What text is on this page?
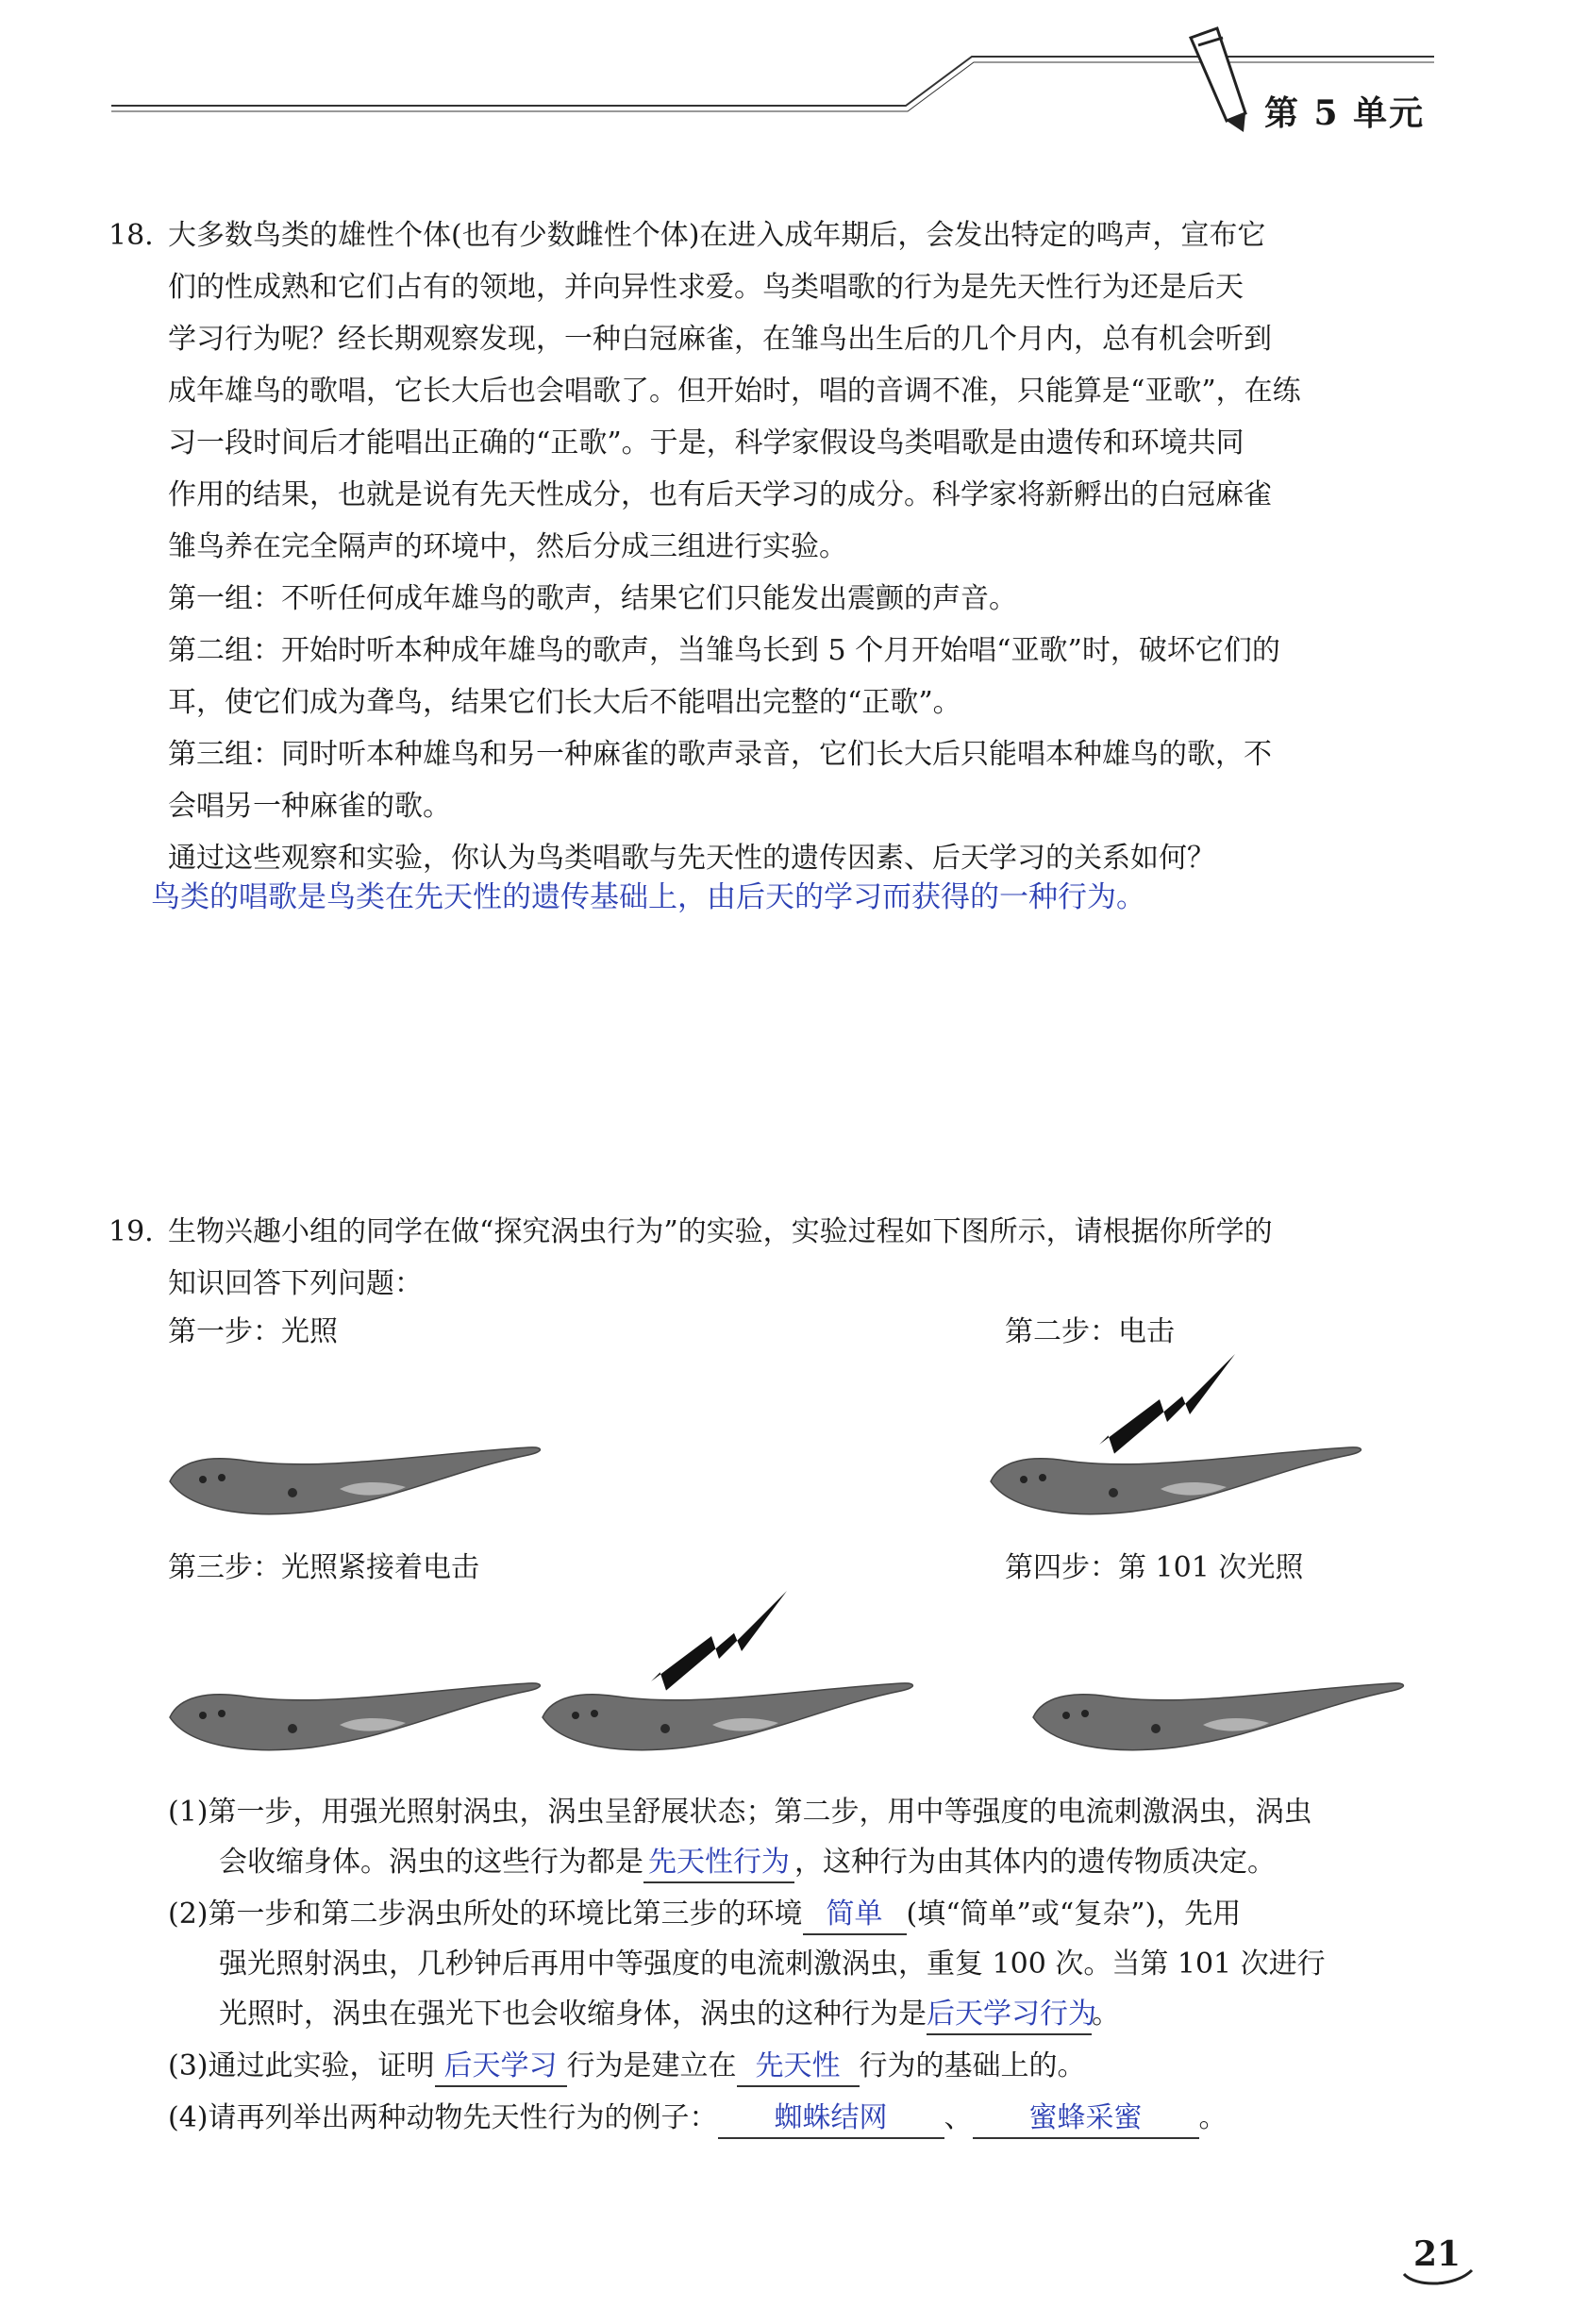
第 5 单元
18. 大多数鸟类的雄性个体(也有少数雌性个体)在进入成年期后，会发出特定的鸣声，宣布它
们的性成熟和它们占有的领地，并向异性求爱。鸟类唱歌的行为是先天性行为还是后天
学习行为呢？经长期观察发现，一种白冠麻雀，在雏鸟出生后的几个月内，总有机会听到
成年雄鸟的歌唱，它长大后也会唱歌了。但开始时，唱的音调不准，只能算是“亚歌”，在练
习一段时间后才能唱出正确的“正歌”。于是，科学家假设鸟类唱歌是由遗传和环境共同
作用的结果，也就是说有先天性成分，也有后天学习的成分。科学家将新孵出的白冠麻雀
雏鸟养在完全隔声的环境中，然后分成三组进行实验。
第一组：不听任何成年雄鸟的歌声，结果它们只能发出震颤的声音。
第二组：开始时听本种成年雄鸟的歌声，当雏鸟长到 5 个月开始唱“亚歌”时，破坏它们的
耳，使它们成为聋鸟，结果它们长大后不能唱出完整的“正歌”。
第三组：同时听本种雄鸟和另一种麻雀的歌声录音，它们长大后只能唱本种雄鸟的歌，不
会唱另一种麻雀的歌。
通过这些观察和实验，你认为鸟类唱歌与先天性的遗传因素、后天学习的关系如何？
鸟类的唱歌是鸟类在先天性的遗传基础上，由后天的学习而获得的一种行为。
19. 生物兴趣小组的同学在做“探究涡虫行为”的实验，实验过程如下图所示，请根据你所学的
知识回答下列问题：
第一步：光照	第二步：电击
第三步：光照紧接着电击	第四步：第 101 次光照
(1)第一步，用强光照射涡虫，涡虫呈舒展状态；第二步，用中等强度的电流刺激涡虫，涡虫
会收缩身体。涡虫的这些行为都是 先天性行为 ，这种行为由其体内的遗传物质决定。
(2)第一步和第二步涡虫所处的环境比第三步的环境 简单 (填“简单”或“复杂”)，先用
强光照射涡虫，几秒钟后再用中等强度的电流刺激涡虫，重复 100 次。当第 101 次进行
光照时，涡虫在强光下也会收缩身体，涡虫的这种行为是后天学习行为。
(3)通过此实验，证明 后天学习 行为是建立在 先天性 行为的基础上的。
(4)请再列举出两种动物先天性行为的例子： 蜘蛛结网 、 蜜蜂采蜜 。
21
